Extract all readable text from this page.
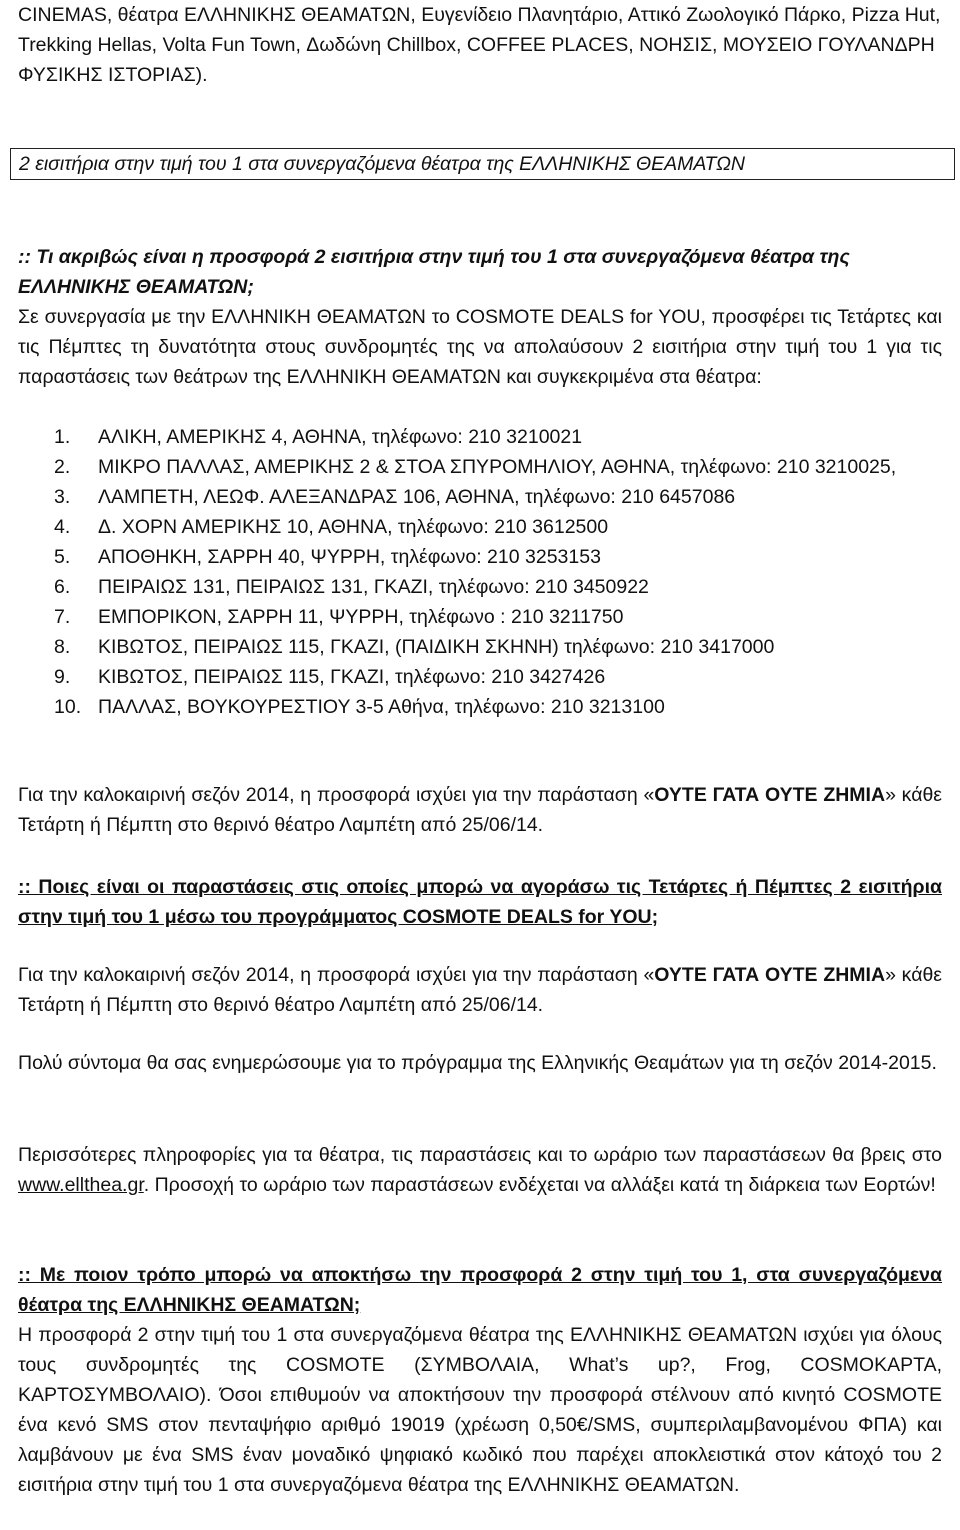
CINEMAS, θέατρα ΕΛΛΗΝΙΚΗΣ ΘΕΑΜΑΤΩΝ, Ευγενίδειο Πλανητάριο, Αττικό Ζωολογικό Πάρκο, Pizza Hut, Trekking Hellas, Volta Fun Town, Δωδώνη Chillbox, COFFEE PLACES, ΝΟΗΣΙΣ, ΜΟΥΣΕΙΟ ΓΟΥΛΑΝΔΡΗ ΦΥΣΙΚΗΣ ΙΣΤΟΡΙΑΣ).

2 εισιτήρια στην τιμή του 1 στα συνεργαζόμενα θέατρα της ΕΛΛΗΝΙΚΗΣ ΘΕΑΜΑΤΩΝ

:: Τι ακριβώς είναι η προσφορά 2 εισιτήρια στην τιμή του 1 στα συνεργαζόμενα θέατρα της ΕΛΛΗΝΙΚΗΣ ΘΕΑΜΑΤΩΝ;

Σε συνεργασία με την ΕΛΛΗΝΙΚΗ ΘΕΑΜΑΤΩΝ το COSMOTE DEALS for YOU, προσφέρει τις Τετάρτες και τις Πέμπτες τη δυνατότητα στους συνδρομητές της να απολαύσουν 2 εισιτήρια στην τιμή του 1 για τις παραστάσεις των θεάτρων της ΕΛΛΗΝΙΚΗ ΘΕΑΜΑΤΩΝ και συγκεκριμένα στα θέατρα:

1. ΑΛΙΚΗ, ΑΜΕΡΙΚΗΣ 4, ΑΘΗΝΑ, τηλέφωνο: 210 3210021
2. ΜΙΚΡΟ ΠΑΛΛΑΣ, ΑΜΕΡΙΚΗΣ 2 & ΣΤΟΑ ΣΠΥΡΟΜΗΛΙΟΥ, ΑΘΗΝΑ, τηλέφωνο: 210 3210025,
3. ΛΑΜΠΕΤΗ, ΛΕΩΦ. ΑΛΕΞΑΝΔΡΑΣ 106, ΑΘΗΝΑ, τηλέφωνο: 210 6457086
4. Δ. ΧΟΡΝ ΑΜΕΡΙΚΗΣ 10, ΑΘΗΝΑ, τηλέφωνο: 210 3612500
5. ΑΠΟΘΗΚΗ, ΣΑΡΡΗ 40, ΨΥΡΡΗ, τηλέφωνο: 210 3253153
6. ΠΕΙΡΑΙΩΣ 131, ΠΕΙΡΑΙΩΣ 131, ΓΚΑΖΙ, τηλέφωνο: 210 3450922
7. ΕΜΠΟΡΙΚΟΝ, ΣΑΡΡΗ 11, ΨΥΡΡΗ, τηλέφωνο : 210 3211750
8. ΚΙΒΩΤΟΣ, ΠΕΙΡΑΙΩΣ 115, ΓΚΑΖΙ, (ΠΑΙΔΙΚΗ ΣΚΗΝΗ) τηλέφωνο: 210 3417000
9. ΚΙΒΩΤΟΣ, ΠΕΙΡΑΙΩΣ 115, ΓΚΑΖΙ, τηλέφωνο: 210 3427426
10. ΠΑΛΛΑΣ, ΒΟΥΚΟΥΡΕΣΤΙΟΥ 3-5 Αθήνα, τηλέφωνο: 210 3213100

Για την καλοκαιρινή σεζόν 2014, η προσφορά ισχύει για την παράσταση «ΟΥΤΕ ΓΑΤΑ ΟΥΤΕ ΖΗΜΙΑ» κάθε Τετάρτη ή Πέμπτη στο θερινό θέατρο Λαμπέτη από 25/06/14.

:: Ποιες είναι οι παραστάσεις στις οποίες μπορώ να αγοράσω τις Τετάρτες ή Πέμπτες 2 εισιτήρια στην τιμή του 1 μέσω του προγράμματος COSMOTE DEALS for YOU;

Για την καλοκαιρινή σεζόν 2014, η προσφορά ισχύει για την παράσταση «ΟΥΤΕ ΓΑΤΑ ΟΥΤΕ ΖΗΜΙΑ» κάθε Τετάρτη ή Πέμπτη στο θερινό θέατρο Λαμπέτη από 25/06/14.

Πολύ σύντομα θα σας ενημερώσουμε για το πρόγραμμα της Ελληνικής Θεαμάτων για τη σεζόν 2014-2015.

Περισσότερες πληροφορίες για τα θέατρα, τις παραστάσεις και το ωράριο των παραστάσεων θα βρεις στο www.ellthea.gr. Προσοχή το ωράριο των παραστάσεων ενδέχεται να αλλάξει κατά τη διάρκεια των Εορτών!

:: Με ποιον τρόπο μπορώ να αποκτήσω την προσφορά 2 στην τιμή του 1, στα συνεργαζόμενα θέατρα της ΕΛΛΗΝΙΚΗΣ ΘΕΑΜΑΤΩΝ;

Η προσφορά 2 στην τιμή του 1 στα συνεργαζόμενα θέατρα της ΕΛΛΗΝΙΚΗΣ ΘΕΑΜΑΤΩΝ ισχύει για όλους τους συνδρομητές της COSMOTE (ΣΥΜΒΟΛΑΙΑ, What’s up?, Frog, COSMOΚΑΡΤΑ, ΚΑΡΤΟΣΥΜΒΟΛΑΙΟ). Όσοι επιθυμούν να αποκτήσουν την προσφορά στέλνουν από κινητό COSMOTE ένα κενό SMS στον πενταψήφιο αριθμό 19019 (χρέωση 0,50€/SMS, συμπεριλαμβανομένου ΦΠΑ) και λαμβάνουν με ένα SMS έναν μοναδικό ψηφιακό κωδικό που παρέχει αποκλειστικά στον κάτοχό του 2 εισιτήρια στην τιμή του 1 στα συνεργαζόμενα θέατρα της ΕΛΛΗΝΙΚΗΣ ΘΕΑΜΑΤΩΝ.
